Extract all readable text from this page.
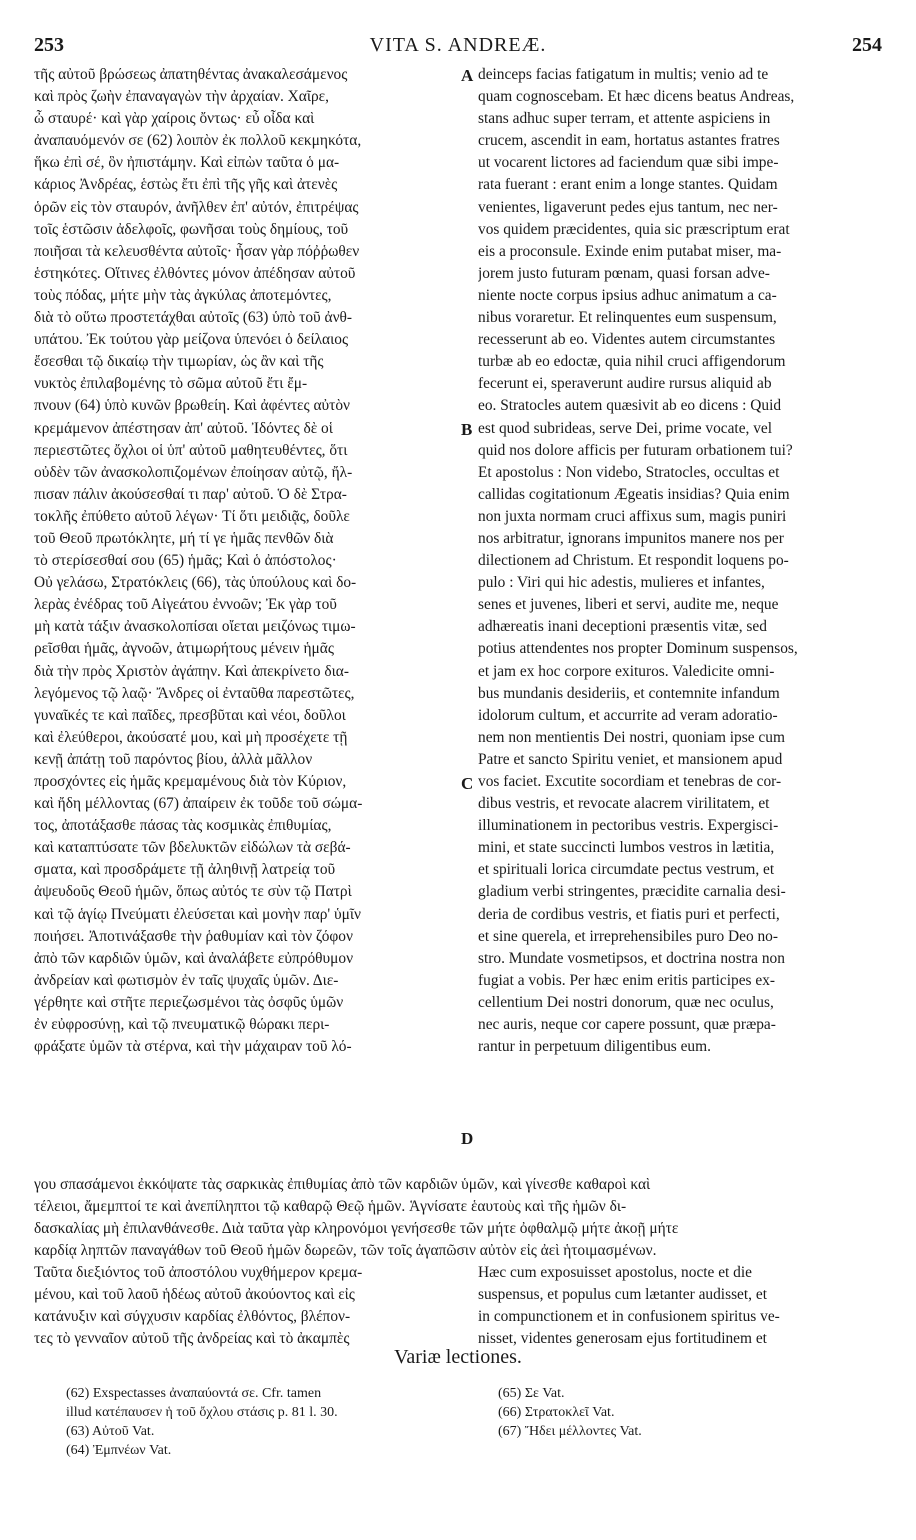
253	VITA S. ANDREÆ.	254
τῆς αὐτοῦ βρώσεως ἀπατηθέντας ἀνακαλεσάμενος
καὶ πρὸς ζωὴν ἐπαναγαγὼν τὴν ἀρχαίαν. Χαῖρε,
ὦ σταυρέ· καὶ γὰρ χαίροις ὄντως· εὖ οἶδα καὶ
ἀναπαυόμενόν σε (62) λοιπὸν ἐκ πολλοῦ κεκμηκότα,
ἥκω ἐπὶ σέ, ὃν ἠπιστάμην. Καὶ εἰπὼν ταῦτα ὁ μα-
κάριος Ἀνδρέας, ἑστὼς ἔτι ἐπὶ τῆς γῆς καὶ ἀτενὲς
ὁρῶν εἰς τὸν σταυρόν, ἀνῆλθεν ἐπ' αὐτόν, ἐπιτρέψας
τοῖς ἑστῶσιν ἀδελφοῖς, φωνῆσαι τοὺς δημίους, τοῦ
ποιῆσαι τὰ κελευσθέντα αὐτοῖς· ἦσαν γὰρ πόῤῥωθεν
ἑστηκότες. Οἵτινες ἐλθόντες μόνον ἀπέδησαν αὐτοῦ
τοὺς πόδας, μήτε μὴν τὰς ἀγκύλας ἀποτεμόντες,
διὰ τὸ οὕτω προστετάχθαι αὐτοῖς (63) ὑπὸ τοῦ ἀνθ-
υπάτου. Ἐκ τούτου γὰρ μείζονα ὑπενόει ὁ δείλαιος
ἔσεσθαι τῷ δικαίῳ τὴν τιμωρίαν, ὡς ἂν καὶ τῆς
νυκτὸς ἐπιλαβομένης τὸ σῶμα αὐτοῦ ἔτι ἔμ-
πνουν (64) ὑπὸ κυνῶν βρωθείη. Καὶ ἀφέντες αὐτὸν
κρεμάμενον ἀπέστησαν ἀπ' αὐτοῦ. Ἰδόντες δὲ οἱ
περιεστῶτες ὄχλοι οἱ ὑπ' αὐτοῦ μαθητευθέντες, ὅτι
οὐδὲν τῶν ἀνασκολοπιζομένων ἐποίησαν αὐτῷ, ἤλ-
πισαν πάλιν ἀκούσεσθαί τι παρ' αὐτοῦ. Ὁ δὲ Στρα-
τοκλῆς ἐπύθετο αὐτοῦ λέγων· Τί ὅτι μειδιᾷς, δοῦλε
τοῦ Θεοῦ πρωτόκλητε, μή τί γε ἡμᾶς πενθῶν διὰ
τὸ στερίσεσθαί σου (65) ἡμᾶς; Καὶ ὁ ἀπόστολος·
Οὐ γελάσω, Στρατόκλεις (66), τὰς ὑπούλους καὶ δο-
λερὰς ἐνέδρας τοῦ Αἰγεάτου ἐννοῶν; Ἐκ γὰρ τοῦ
μὴ κατὰ τάξιν ἀνασκολοπίσαι οἴεται μειζόνως τιμω-
ρεῖσθαι ἡμᾶς, ἀγνοῶν, ἀτιμωρήτους μένειν ἡμᾶς
διὰ τὴν πρὸς Χριστὸν ἀγάπην. Καὶ ἀπεκρίνετο δια-
λεγόμενος τῷ λαῷ· Ἄνδρες οἱ ἐνταῦθα παρεστῶτες,
γυναῖκές τε καὶ παῖδες, πρεσβῦται καὶ νέοι, δοῦλοι
καὶ ἐλεύθεροι, ἀκούσατέ μου, καὶ μὴ προσέχετε τῇ
κενῇ ἀπάτῃ τοῦ παρόντος βίου, ἀλλὰ μᾶλλον
προσχόντες εἰς ἡμᾶς κρεμαμένους διὰ τὸν Κύριον,
καὶ ἤδη μέλλοντας (67) ἀπαίρειν ἐκ τοῦδε τοῦ σώμα-
τος, ἀποτάξασθε πάσας τὰς κοσμικὰς ἐπιθυμίας,
καὶ καταπτύσατε τῶν βδελυκτῶν εἰδώλων τὰ σεβά-
σματα, καὶ προσδράμετε τῇ ἀληθινῇ λατρείᾳ τοῦ
ἀψευδοῦς Θεοῦ ἡμῶν, ὅπως αὐτός τε σὺν τῷ Πατρὶ
καὶ τῷ ἁγίῳ Πνεύματι ἐλεύσεται καὶ μονὴν παρ' ὑμῖν
ποιήσει. Ἀποτινάξασθε τὴν ῥαθυμίαν καὶ τὸν ζόφον
ἀπὸ τῶν καρδιῶν ὑμῶν, καὶ ἀναλάβετε εὐπρόθυμον
ἀνδρείαν καὶ φωτισμὸν ἐν ταῖς ψυχαῖς ὑμῶν. Διε-
γέρθητε καὶ στῆτε περιεζωσμένοι τὰς ὀσφῦς ὑμῶν
ἐν εὐφροσύνῃ, καὶ τῷ πνευματικῷ θώρακι περι-
φράξατε ὑμῶν τὰ στέρνα, καὶ τὴν μάχαιραν τοῦ λό-
deinceps facias fatigatum in multis; venio ad te
quam cognoscebam. Et hæc dicens beatus Andreas,
stans adhuc super terram, et attente aspiciens in
crucem, ascendit in eam, hortatus astantes fratres
ut vocarent lictores ad faciendum quæ sibi impe-
rata fuerant : erant enim a longe stantes. Quidam
venientes, ligaverunt pedes ejus tantum, nec ner-
vos quidem præcidentes, quia sic præscriptum erat
eis a proconsule. Exinde enim putabat miser, ma-
jorem justo futuram pœnam, quasi forsan adve-
niente nocte corpus ipsius adhuc animatum a ca-
nibus voraretur. Et relinquentes eum suspensum,
recesserunt ab eo. Videntes autem circumstantes
turbæ ab eo edoctæ, quia nihil cruci affigendorum
fecerunt ei, speraverunt audire rursus aliquid ab
eo. Stratocles autem quæsivit ab eo dicens : Quid
est quod subrideas, serve Dei, prime vocate, vel
quid nos dolore afficis per futuram orbationem tui?
Et apostolus : Non videbo, Stratocles, occultas et
callidas cogitationum Ægeatis insidias? Quia enim
non juxta normam cruci affixus sum, magis puniri
nos arbitratur, ignorans impunitos manere nos per
dilectionem ad Christum. Et respondit loquens po-
pulo : Viri qui hic adestis, mulieres et infantes,
senes et juvenes, liberi et servi, audite me, neque
adhæreatis inani deceptioni præsentis vitæ, sed
potius attendentes nos propter Dominum suspensos,
et jam ex hoc corpore exituros. Valedicite omni-
bus mundanis desideriis, et contemnite infandum
idolorum cultum, et accurrite ad veram adoratio-
nem non mentientis Dei nostri, quoniam ipse cum
Patre et sancto Spiritu veniet, et mansionem apud
vos faciet. Excutite socordiam et tenebras de cor-
dibus vestris, et revocate alacrem virilitatem, et
illuminationem in pectoribus vestris. Expergisci-
mini, et state succincti lumbos vestros in lætitia,
et spirituali lorica circumdate pectus vestrum, et
gladium verbi stringentes, præcidite carnalia desi-
deria de cordibus vestris, et fiatis puri et perfecti,
et sine querela, et irreprehensibiles puro Deo no-
stro. Mundate vosmetipsos, et doctrina nostra non
fugiat a vobis. Per hæc enim eritis participes ex-
cellentium Dei nostri donorum, quæ nec oculus,
nec auris, neque cor capere possunt, quæ præpa-
rantur in perpetuum diligentibus eum.
A
B
C
D
γου σπασάμενοι ἐκκόψατε τὰς σαρκικὰς ἐπιθυμίας ἀπὸ τῶν καρδιῶν ὑμῶν, καὶ γίνεσθε καθαροὶ καὶ
τέλειοι, ἄμεμπτοί τε καὶ ἀνεπίληπτοι τῷ καθαρῷ Θεῷ ἡμῶν. Ἁγνίσατε ἑαυτοὺς καὶ τῆς ἡμῶν δι-
δασκαλίας μὴ ἐπιλανθάνεσθε. Διὰ ταῦτα γὰρ κληρονόμοι γενήσεσθε τῶν μήτε ὀφθαλμῷ μήτε ἀκοῇ μήτε
καρδίᾳ ληπτῶν παναγάθων τοῦ Θεοῦ ἡμῶν δωρεῶν, τῶν τοῖς ἀγαπῶσιν αὐτὸν εἰς ἀεὶ ἡτοιμασμένων.
Ταῦτα διεξιόντος τοῦ ἀποστόλου νυχθήμερον κρεμα-
μένου, καὶ τοῦ λαοῦ ἡδέως αὐτοῦ ἀκούοντος καὶ εἰς
κατάνυξιν καὶ σύγχυσιν καρδίας ἐλθόντος, βλέπον-
τες τὸ γενναῖον αὐτοῦ τῆς ἀνδρείας καὶ τὸ ἀκαμπὲς
Hæc cum exposuisset apostolus, nocte et die
suspensus, et populus cum lætanter audisset, et
in compunctionem et in confusionem spiritus ve-
nisset, videntes generosam ejus fortitudinem et
Variæ lectiones.
(62) Exspectasses ἀναπαύοντά σε. Cfr. tamen
illud κατέπαυσεν ἡ τοῦ ὄχλου στάσις p. 81 l. 30.
(63) Αὐτοῦ Vat.
(64) Ἐμπνέων Vat.
(65) Σε Vat.
(66) Στρατοκλεῖ Vat.
(67) Ἤδει μέλλοντες Vat.
